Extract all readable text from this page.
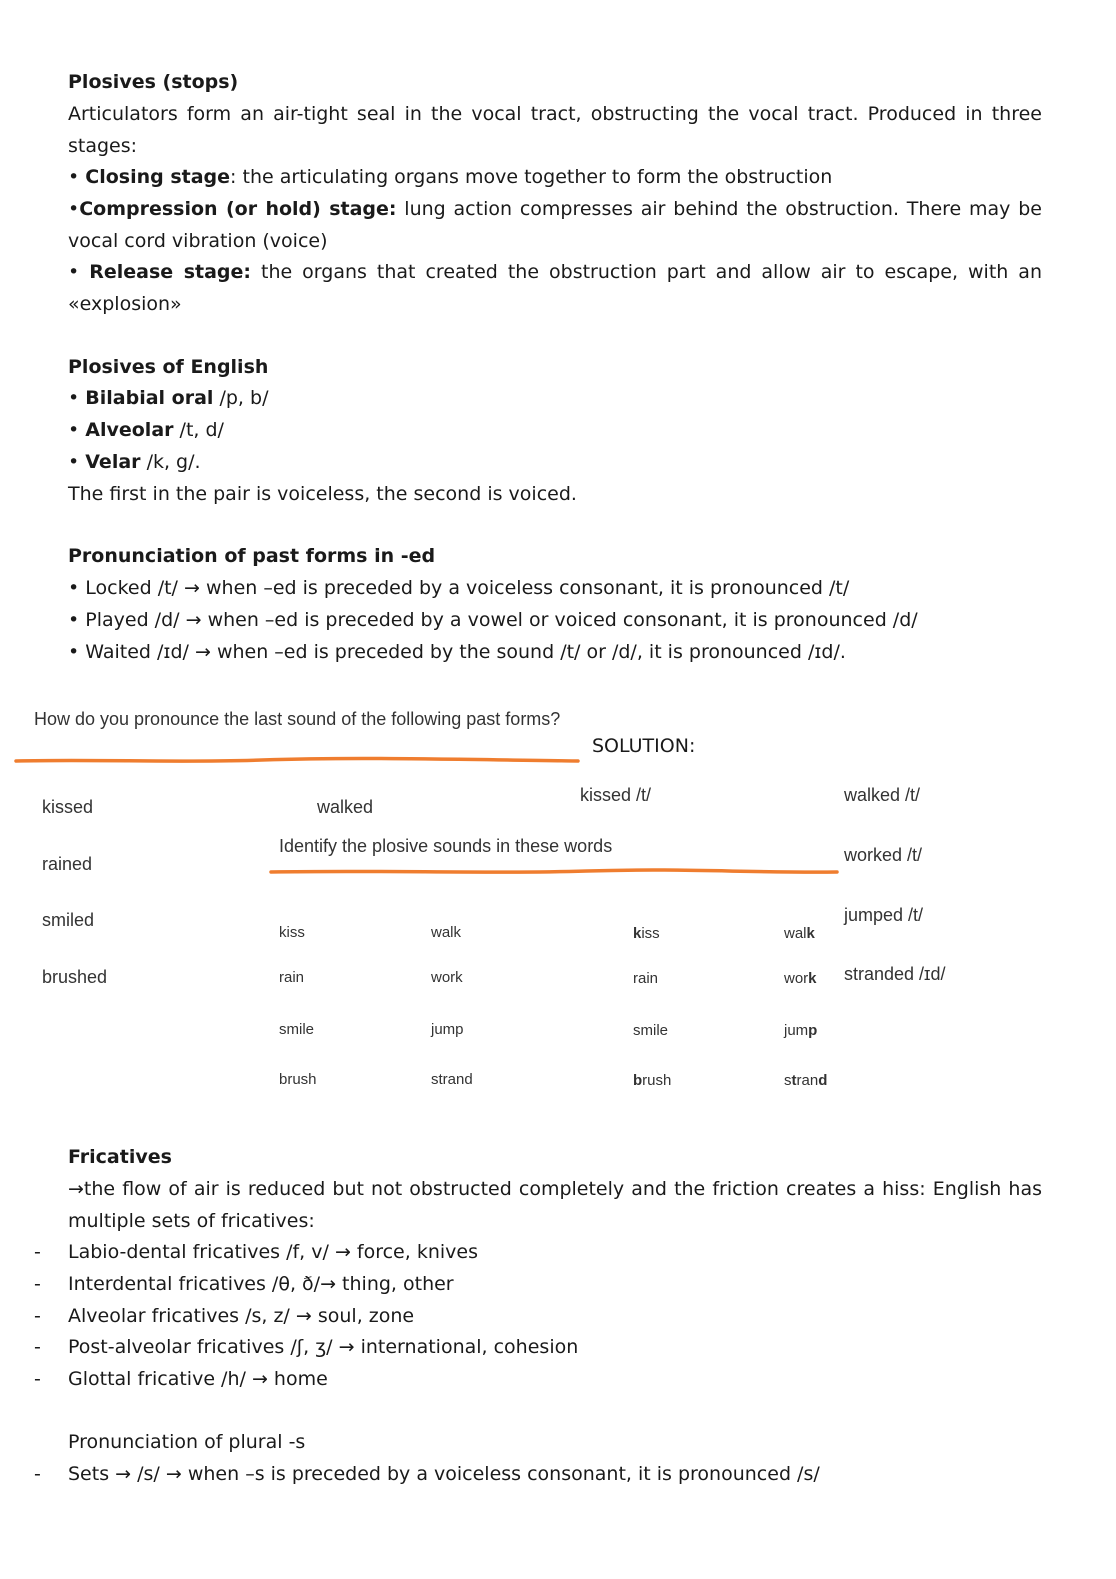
Plosives (stops)
Articulators form an air-tight seal in the vocal tract, obstructing the vocal tract. Produced in three stages:
• Closing stage: the articulating organs move together to form the obstruction
•Compression (or hold) stage: lung action compresses air behind the obstruction. There may be vocal cord vibration (voice)
• Release stage: the organs that created the obstruction part and allow air to escape, with an «explosion»
Plosives of English
• Bilabial oral /p, b/
• Alveolar /t, d/
• Velar /k, g/.
The first in the pair is voiceless, the second is voiced.
Pronunciation of past forms in -ed
• Locked /t/ → when –ed is preceded by a voiceless consonant, it is pronounced /t/
• Played /d/ → when –ed is preceded by a vowel or voiced consonant, it is pronounced /d/
• Waited /ɪd/ → when –ed is preceded by the sound /t/ or /d/, it is pronounced /ɪd/.
How do you pronounce the last sound of the following past forms?
SOLUTION:
kissed
rained
smiled
brushed
walked
kissed /t/	walked /t/
worked /t/
jumped /t/
stranded /ɪd/
Identify the plosive sounds in these words
kiss
rain
smile
brush
walk
work
jump
strand
kiss
rain
smile
brush
walk
work
jump
strand
Fricatives
→the flow of air is reduced but not obstructed completely and the friction creates a hiss: English has multiple sets of fricatives:
- Labio-dental fricatives /f, v/ → force, knives
- Interdental fricatives /θ, ð/→ thing, other
- Alveolar fricatives /s, z/ → soul, zone
- Post-alveolar fricatives /ʃ, ʒ/ → international, cohesion
- Glottal fricative /h/ → home
Pronunciation of plural -s
- Sets → /s/ → when –s is preceded by a voiceless consonant, it is pronounced /s/
